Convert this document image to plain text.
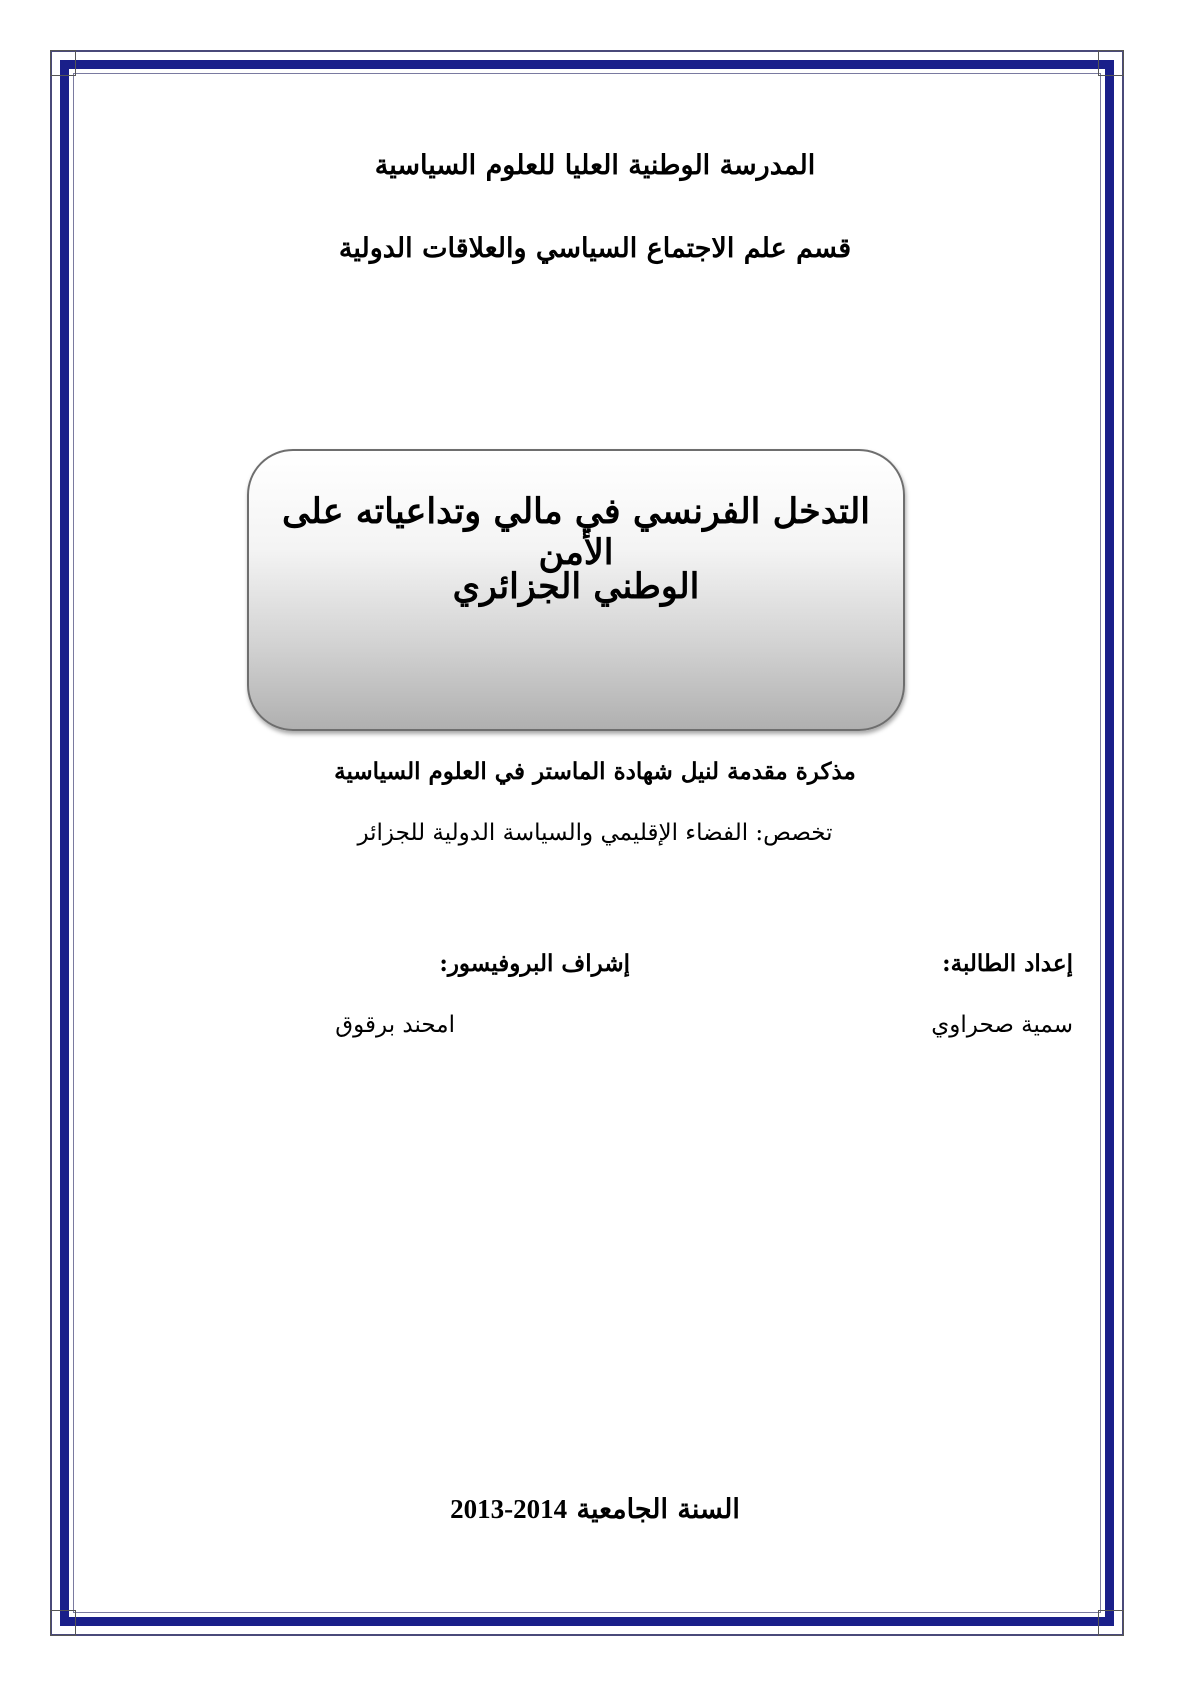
المدرسة الوطنية العليا للعلوم السياسية
قسم علم الاجتماع السياسي والعلاقات الدولية
التدخل الفرنسي في مالي وتداعياته على الأمن
الوطني الجزائري
مذكرة مقدمة لنيل شهادة الماستر في العلوم السياسية
تخصص: الفضاء الإقليمي والسياسة الدولية للجزائر
إعداد الطالبة:
إشراف البروفيسور:
سمية صحراوي
امحند برقوق
السنة الجامعية 2013-2014
